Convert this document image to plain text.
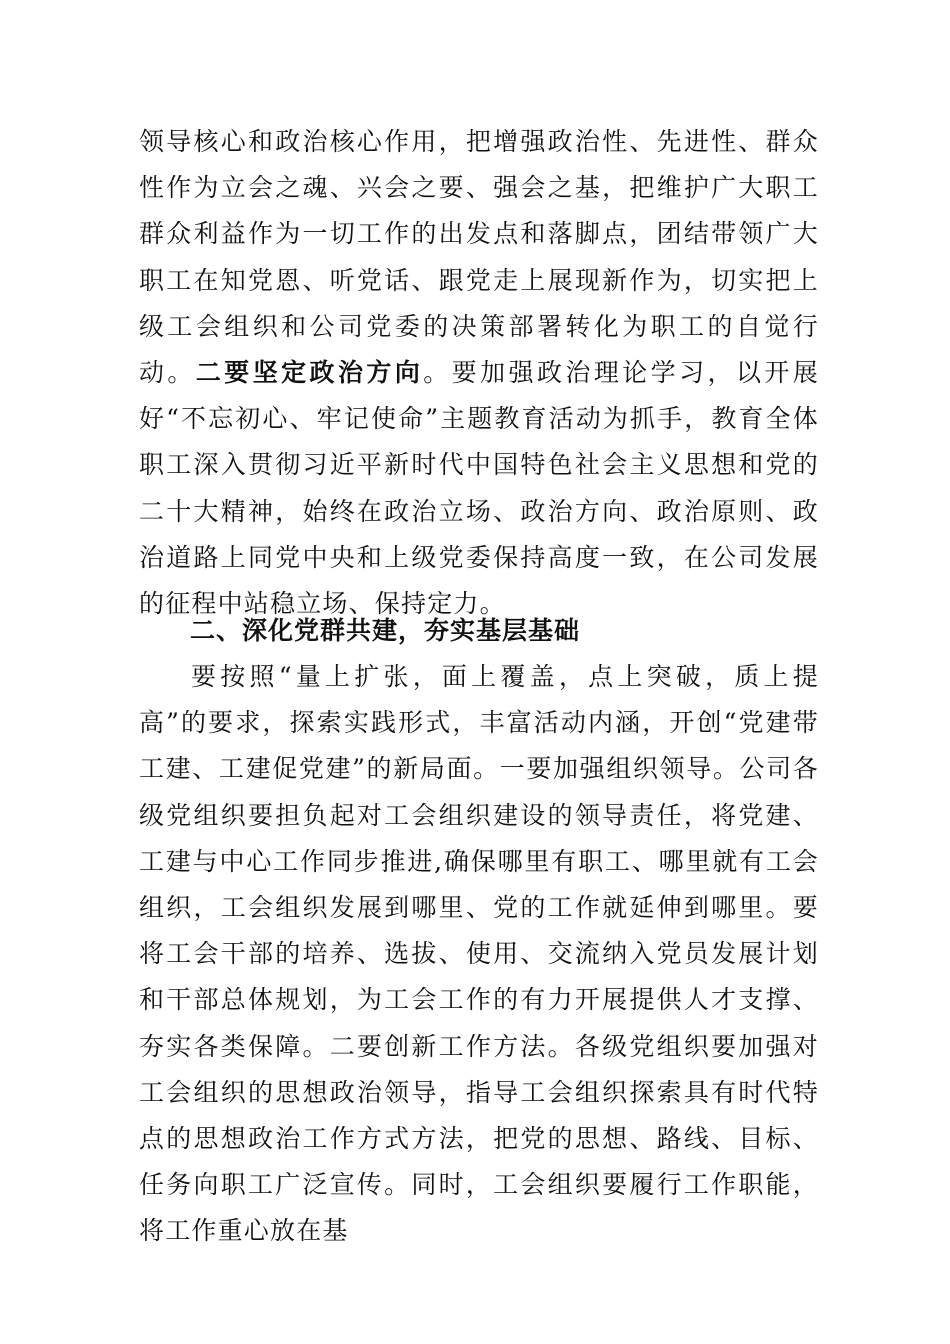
领导核心和政治核心作用，把增强政治性、先进性、群众性作为立会之魂、兴会之要、强会之基，把维护广大职工群众利益作为一切工作的出发点和落脚点，团结带领广大职工在知党恩、听党话、跟党走上展现新作为，切实把上级工会组织和公司党委的决策部署转化为职工的自觉行动。二要坚定政治方向。要加强政治理论学习，以开展好“不忘初心、牢记使命”主题教育活动为抓手，教育全体职工深入贯彻习近平新时代中国特色社会主义思想和党的二十大精神，始终在政治立场、政治方向、政治原则、政治道路上同党中央和上级党委保持高度一致，在公司发展的征程中站稳立场、保持定力。

二、深化党群共建，夯实基层基础

要按照“量上扩张，面上覆盖，点上突破，质上提高”的要求，探索实践形式，丰富活动内涵，开创“党建带工建、工建促党建”的新局面。一要加强组织领导。公司各级党组织要担负起对工会组织建设的领导责任，将党建、工建与中心工作同步推进,确保哪里有职工、哪里就有工会组织，工会组织发展到哪里、党的工作就延伸到哪里。要将工会干部的培养、选拔、使用、交流纳入党员发展计划和干部总体规划，为工会工作的有力开展提供人才支撑、夯实各类保障。二要创新工作方法。各级党组织要加强对工会组织的思想政治领导，指导工会组织探索具有时代特点的思想政治工作方式方法，把党的思想、路线、目标、任务向职工广泛宣传。同时，工会组织要履行工作职能，将工作重心放在基
